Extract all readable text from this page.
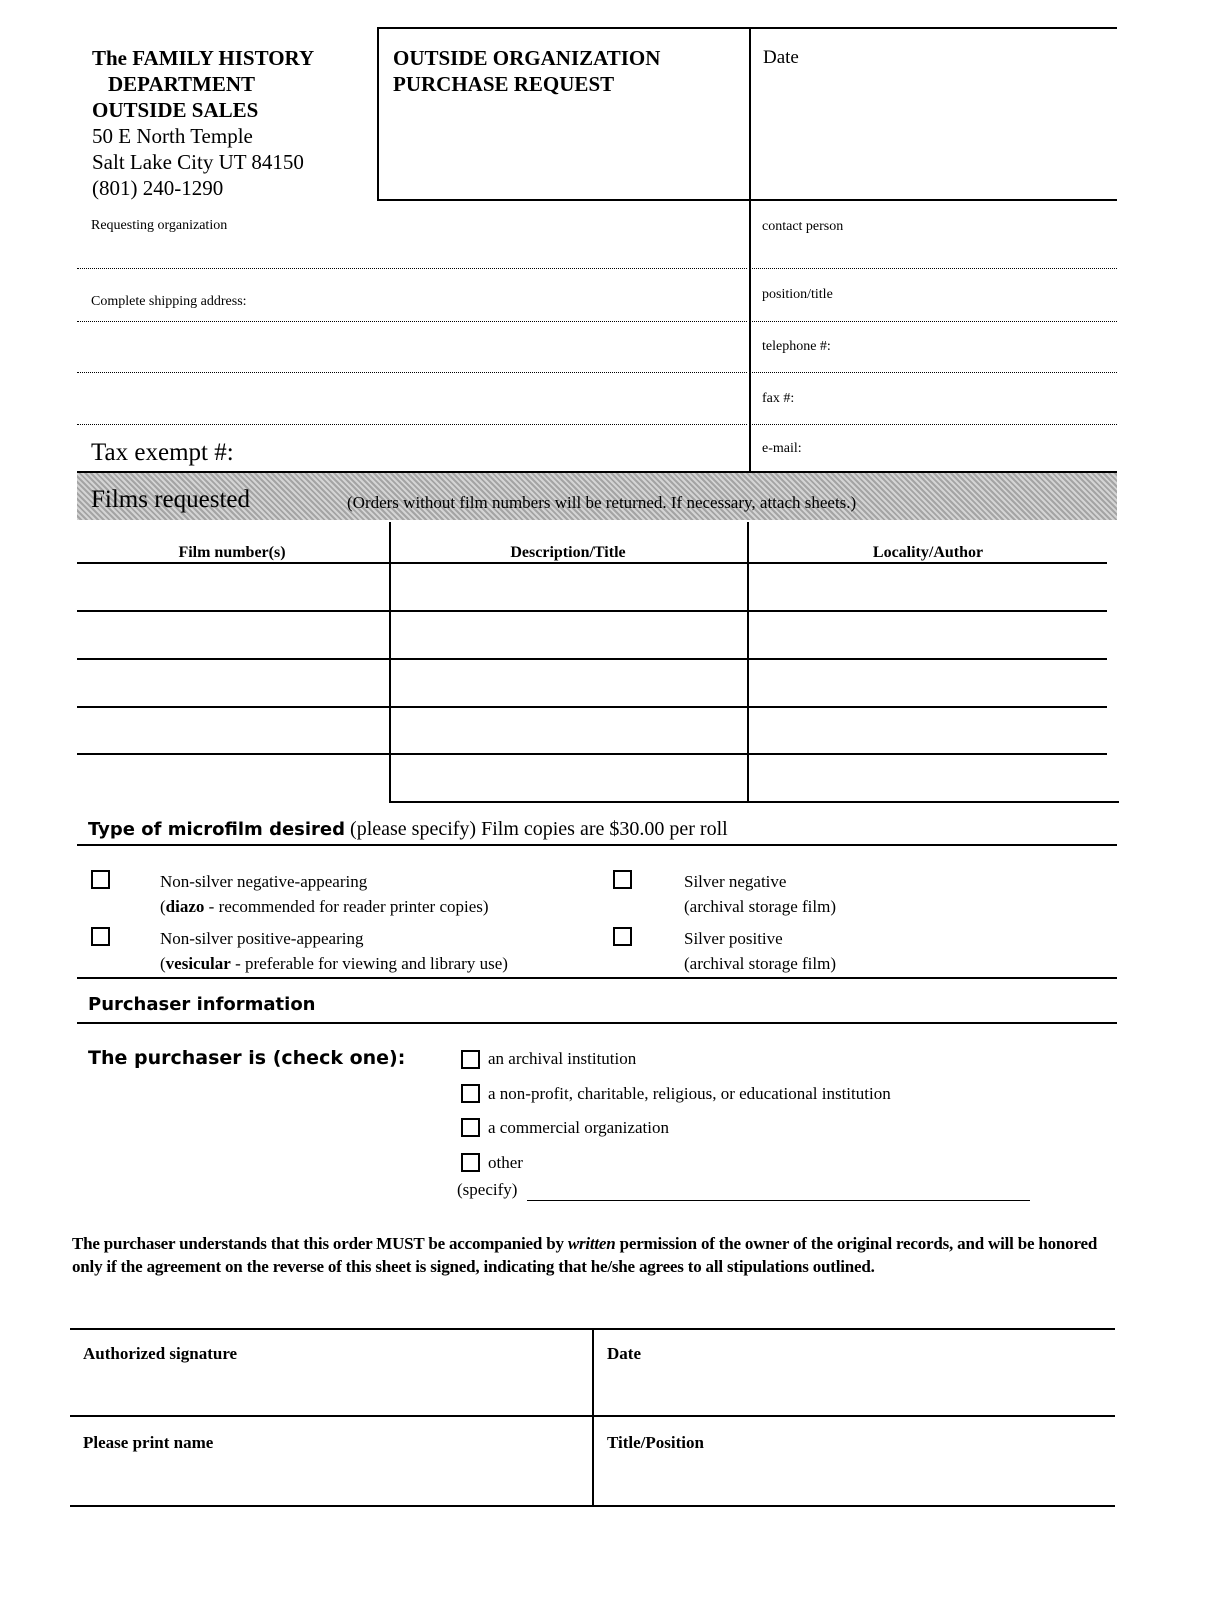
The FAMILY HISTORY
DEPARTMENT
OUTSIDE SALES
50 E North Temple
Salt Lake City UT 84150
(801) 240-1290
OUTSIDE ORGANIZATION
PURCHASE REQUEST
Date
Requesting organization
Complete shipping address:
Tax exempt #:
contact person
position/title
telephone #:
fax #:
e-mail:
Films requested	(Orders without film numbers will be returned. If necessary, attach sheets.)
Film number(s)	Description/Title	Locality/Author
Type of microfilm desired (please specify) Film copies are $30.00 per roll
Non-silver negative-appearing
(diazo - recommended for reader printer copies)
Non-silver positive-appearing
(vesicular - preferable for viewing and library use)
Silver negative
(archival storage film)
Silver positive
(archival storage film)
Purchaser information
The purchaser is (check one):	an archival institution
a non-profit, charitable, religious, or educational institution
a commercial organization
other
(specify)
The purchaser understands that this order MUST be accompanied by written permission of the owner of the original records, and will be honored only if the agreement on the reverse of this sheet is signed, indicating that he/she agrees to all stipulations outlined.
Authorized signature	Date
Please print name	Title/Position
